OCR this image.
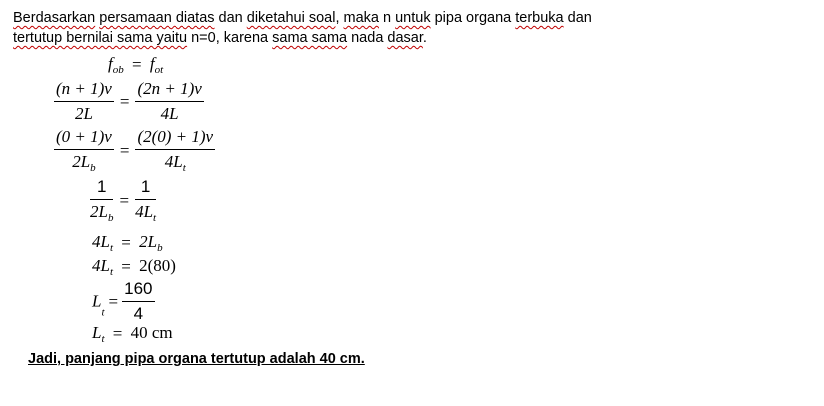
Berdasarkan persamaan diatas dan diketahui soal, maka n untuk pipa organa terbuka dan
tertutup bernilai sama yaitu n=0, karena sama sama nada dasar.
$f_{ob} = f_{ot}$
$\frac{(n + 1)v}{2L} = \frac{(2n + 1)v}{4L}$
$\frac{(0 + 1)v}{2L_b} = \frac{(2(0) + 1)v}{4L_t}$
$\frac{1}{2L_b} = \frac{1}{4L_t}$
$4L_t = 2L_b$
$4L_t = 2(80)$
$L_t= \frac{160}{4}$
$L_t = 40$ cm
Jadi, panjang pipa organa tertutup adalah 40 cm.
